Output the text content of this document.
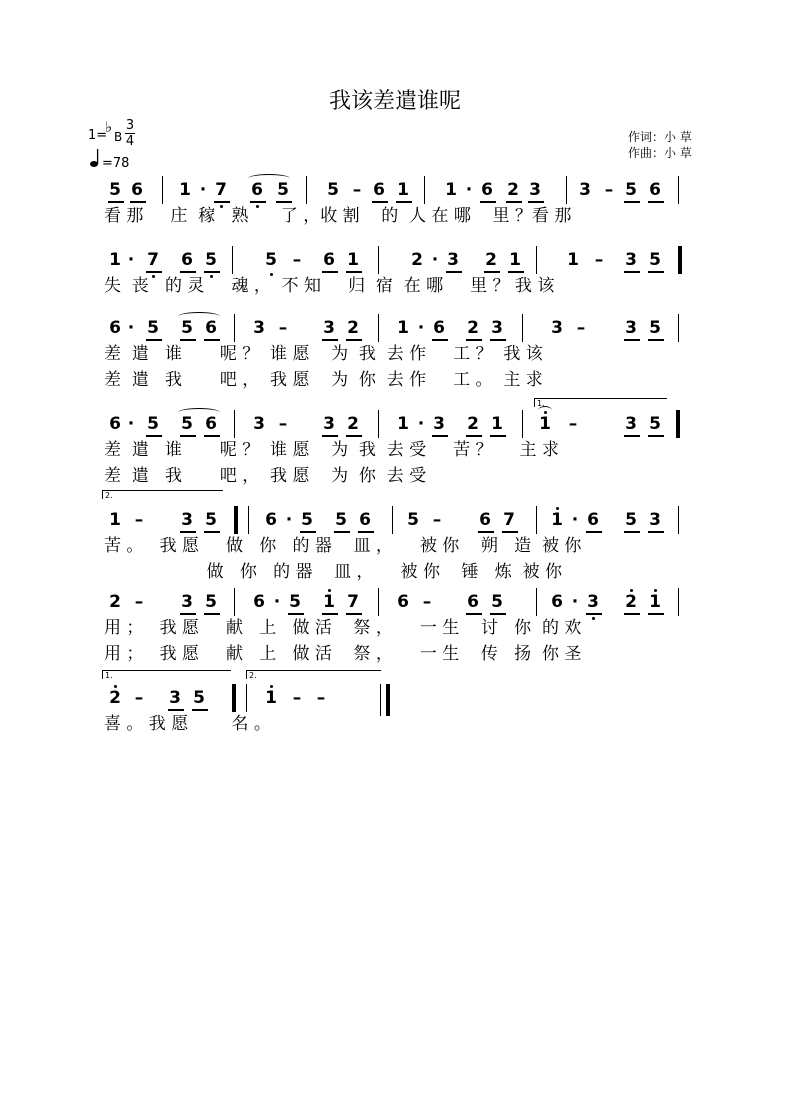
我该差遣谁呢
1=
♭
B
3
4
=78
作词：小 草
作曲：小 草
5 6 1 · 7 6 5 5 – 6 1 1 · 6 2 3 3 – 5 6
看 那     庄  稼   熟      了 ，收 割    的  人 在 哪    里 ？看 那
1 · 7 6 5	5 – 6 1	2 · 3 2 1	1 – 3 5
失  丧   的 灵     魂 ，  不 知     归  宿  在 哪     里 ？ 我 该
6 · 5 5 6 3 – 3 2 1 · 6 2 3	3 – 3 5
差  遣   谁       呢 ？  谁 愿    为  我  去 作     工 ？  我 该
差  遣   我       吧 ，  我 愿    为  你  去 作     工 。  主 求
6 · 5 5 6 3 – 3 2 1 · 3 2 1 1 –	3 5
差  遣   谁       呢 ？  谁 愿    为  我  去 受     苦 ？     主 求
差  遣   我       吧 ，  我 愿    为  你  去 受
1 – 3 5	6 · 5 5 6 5 – 6 7 1 · 6 5 3
苦 。   我 愿     做   你   的 器    皿 ，     被 你    朔   造  被 你
做   你   的 器    皿 ，     被 你    锤   炼  被 你
2 – 3 5 6 · 5 1 7 6 – 6 5	6 · 3 2 1
用 ；   我 愿     献   上   做 活    祭 ，     一 生    讨   你  的 欢
用 ；   我 愿     献   上   做 活    祭 ，     一 生    传   扬  你 圣
2 – 3 5	1 – –
喜 。 我 愿        名 。
1.
2.
1.	2.
